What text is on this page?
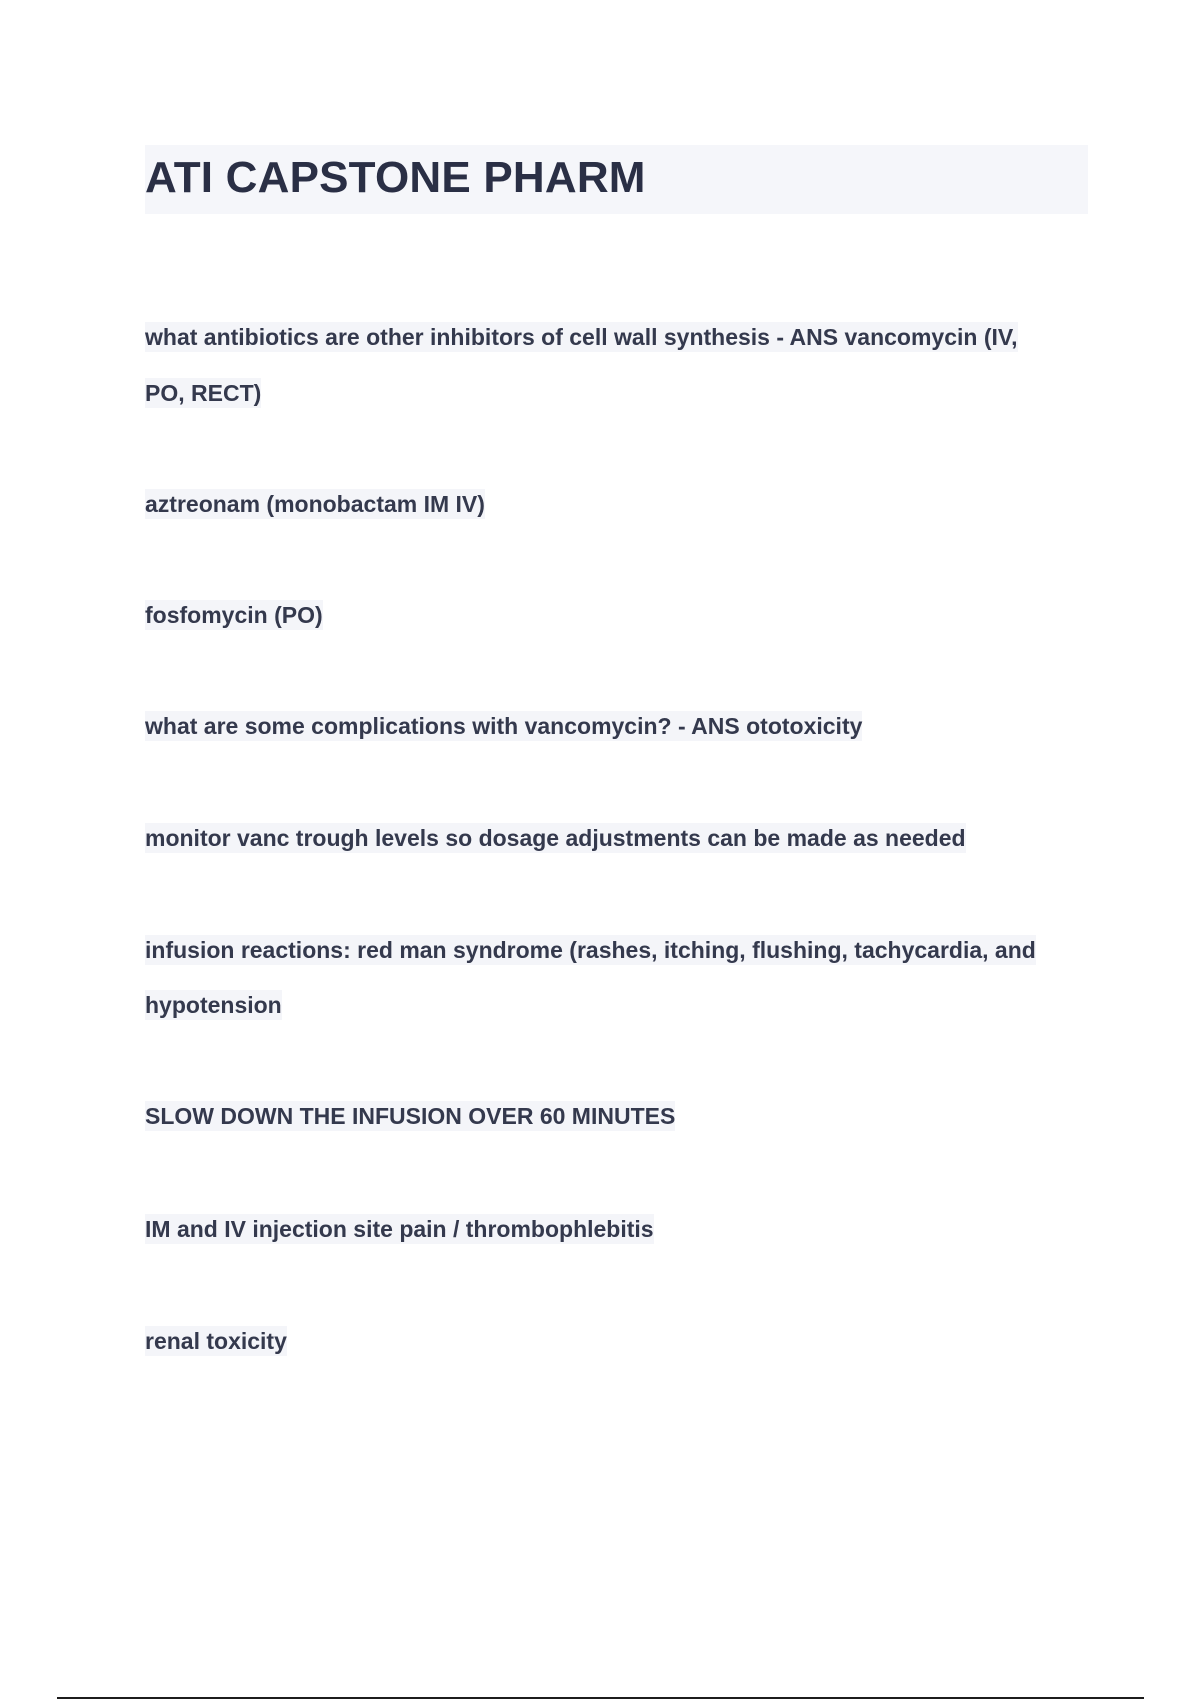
ATI CAPSTONE PHARM

what antibiotics are other inhibitors of cell wall synthesis - ANS vancomycin (IV,

PO, RECT)

aztreonam (monobactam IM IV)

fosfomycin (PO)

what are some complications with vancomycin? - ANS ototoxicity

monitor vanc trough levels so dosage adjustments can be made as needed

infusion reactions: red man syndrome (rashes, itching, flushing, tachycardia, and

hypotension

SLOW DOWN THE INFUSION OVER 60 MINUTES

IM and IV injection site pain / thrombophlebitis

renal toxicity
